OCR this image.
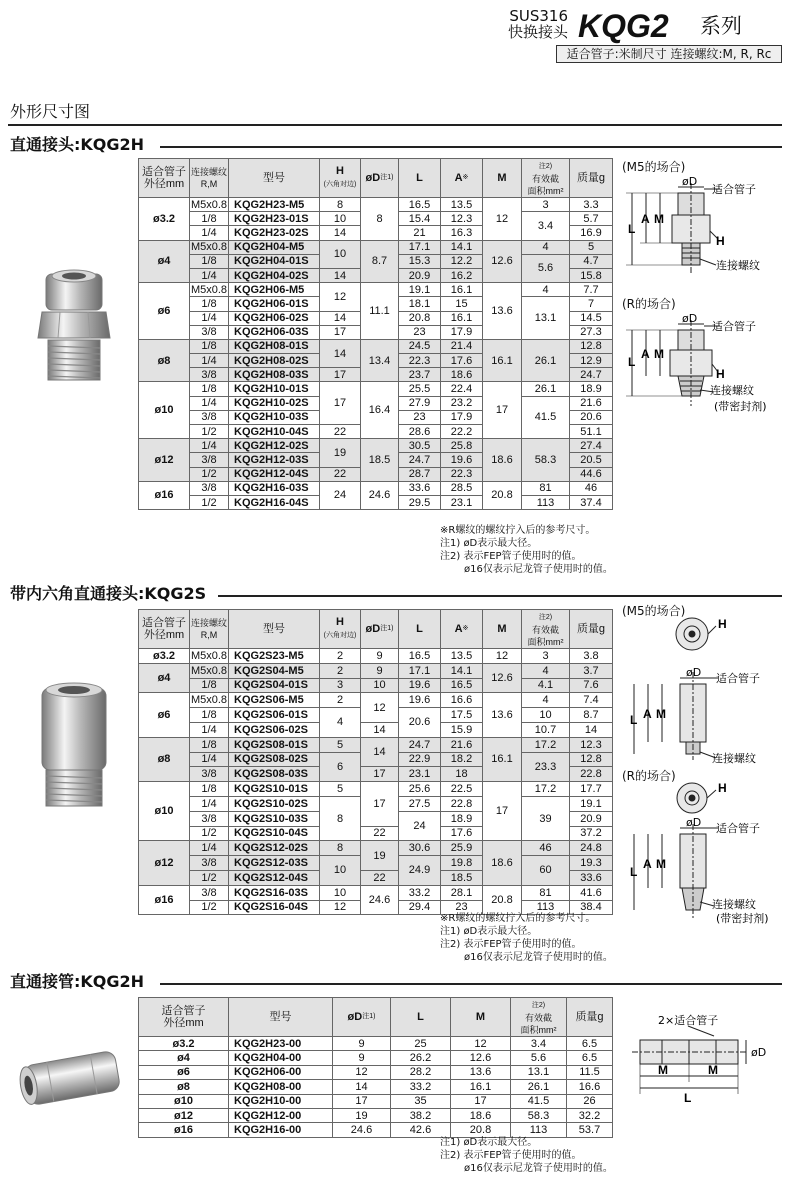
SUS316
快换接头 KQG2 系列
适合管子:米制尺寸 连接螺纹:M, R, Rc
外形尺寸图
直通接头:KQG2H
适合管子
外径mm	连接螺纹
R,M	型号	H
(六角对边)	$øD^{注1)}$	L	A※	M	注2)
有效截
面积mm²	质量g
ø3.2	M5x0.8	KQG2H23-M5	8	8	16.5	13.5	12	3	3.3
	1/8	KQG2H23-01S	10		15.4	12.3		3.4	5.7
	1/4	KQG2H23-02S	14		21	16.3			16.9
ø4	M5x0.8	KQG2H04-M5	10	8.7	17.1	14.1	12.6	4	5
	1/8	KQG2H04-01S			15.3	12.2		5.6	4.7
	1/4	KQG2H04-02S	14		20.9	16.2			15.8
ø6	M5x0.8	KQG2H06-M5	12	11.1	19.1	16.1	13.6	4	7.7
	1/8	KQG2H06-01S			18.1	15		13.1	7
	1/4	KQG2H06-02S	14		20.8	16.1			14.5
	3/8	KQG2H06-03S	17		23	17.9			27.3
ø8	1/8	KQG2H08-01S	14	13.4	24.5	21.4	16.1	26.1	12.8
	1/4	KQG2H08-02S			22.3	17.6			12.9
	3/8	KQG2H08-03S	17		23.7	18.6			24.7
ø10	1/8	KQG2H10-01S	17	16.4	25.5	22.4	17	26.1	18.9
	1/4	KQG2H10-02S			27.9	23.2		41.5	21.6
	3/8	KQG2H10-03S			23	17.9			20.6
	1/2	KQG2H10-04S	22		28.6	22.2			51.1
ø12	1/4	KQG2H12-02S	19	18.5	30.5	25.8	18.6	58.3	27.4
	3/8	KQG2H12-03S			24.7	19.6			20.5
	1/2	KQG2H12-04S	22		28.7	22.3			44.6
ø16	3/8	KQG2H16-03S	24	24.6	33.6	28.5	20.8	81	46
	1/2	KQG2H16-04S			29.5	23.1		113	37.4
※R螺纹的螺纹拧入后的参考尺寸。
注1) øD表示最大径。
注2) 表示FEP管子使用时的值。
ø16仅表示尼龙管子使用时的值。
(M5的场合)
L
A M
øD
H
适合管子
连接螺纹
(R的场合)
L
A M
øD
H
适合管子
连接螺纹
(带密封剂)
带内六角直通接头:KQG2S
适合管子
外径mm	连接螺纹
R,M	型号	H
(六角对边)	$øD^{注1)}$	L	A※	M	注2)
有效截
面积mm²	质量g
ø3.2	M5x0.8	KQG2S23-M5	2	9	16.5	13.5	12	3	3.8
ø4	M5x0.8	KQG2S04-M5	2	9	17.1	14.1	12.6	4	3.7
	1/8	KQG2S04-01S	3	10	19.6	16.5		4.1	7.6
ø6	M5x0.8	KQG2S06-M5	2	12	19.6	16.6	13.6	4	7.4
	1/8	KQG2S06-01S	4		20.6	17.5		10	8.7
	1/4	KQG2S06-02S		14		15.9		10.7	14
ø8	1/8	KQG2S08-01S	5	14	24.7	21.6	16.1	17.2	12.3
	1/4	KQG2S08-02S	6		22.9	18.2		23.3	12.8
	3/8	KQG2S08-03S		17	23.1	18			22.8
ø10	1/8	KQG2S10-01S	5	17	25.6	22.5	17	17.2	17.7
	1/4	KQG2S10-02S	8		27.5	22.8		39	19.1
	3/8	KQG2S10-03S			24	18.9			20.9
	1/2	KQG2S10-04S		22		17.6			37.2
ø12	1/4	KQG2S12-02S	8	19	30.6	25.9	18.6	46	24.8
	3/8	KQG2S12-03S	10		24.9	19.8		60	19.3
	1/2	KQG2S12-04S		22		18.5			33.6
ø16	3/8	KQG2S16-03S	10	24.6	33.2	28.1	20.8	81	41.6
	1/2	KQG2S16-04S	12		29.4	23		113	38.4
※R螺纹的螺纹拧入后的参考尺寸。
注1) øD表示最大径。
注2) 表示FEP管子使用时的值。
ø16仅表示尼龙管子使用时的值。
(M5的场合)
H
L A M
øD 适合管子
连接螺纹
(R的场合)
H
L
A M
øD 适合管子
连接螺纹
(带密封剂)
直通接管:KQG2H
适合管子
外径mm	型号	$øD^{注1)}$	L	M	注2)
有效截
面积mm²	质量g
ø3.2	KQG2H23-00	9	25	12	3.4	6.5
ø4	KQG2H04-00	9	26.2	12.6	5.6	6.5
ø6	KQG2H06-00	12	28.2	13.6	13.1	11.5
ø8	KQG2H08-00	14	33.2	16.1	26.1	16.6
ø10	KQG2H10-00	17	35	17	41.5	26
ø12	KQG2H12-00	19	38.2	18.6	58.3	32.2
ø16	KQG2H16-00	24.6	42.6	20.8	113	53.7
注1) øD表示最大径。
注2) 表示FEP管子使用时的值。
ø16仅表示尼龙管子使用时的值。
2×适合管子
øD
M	M
L
